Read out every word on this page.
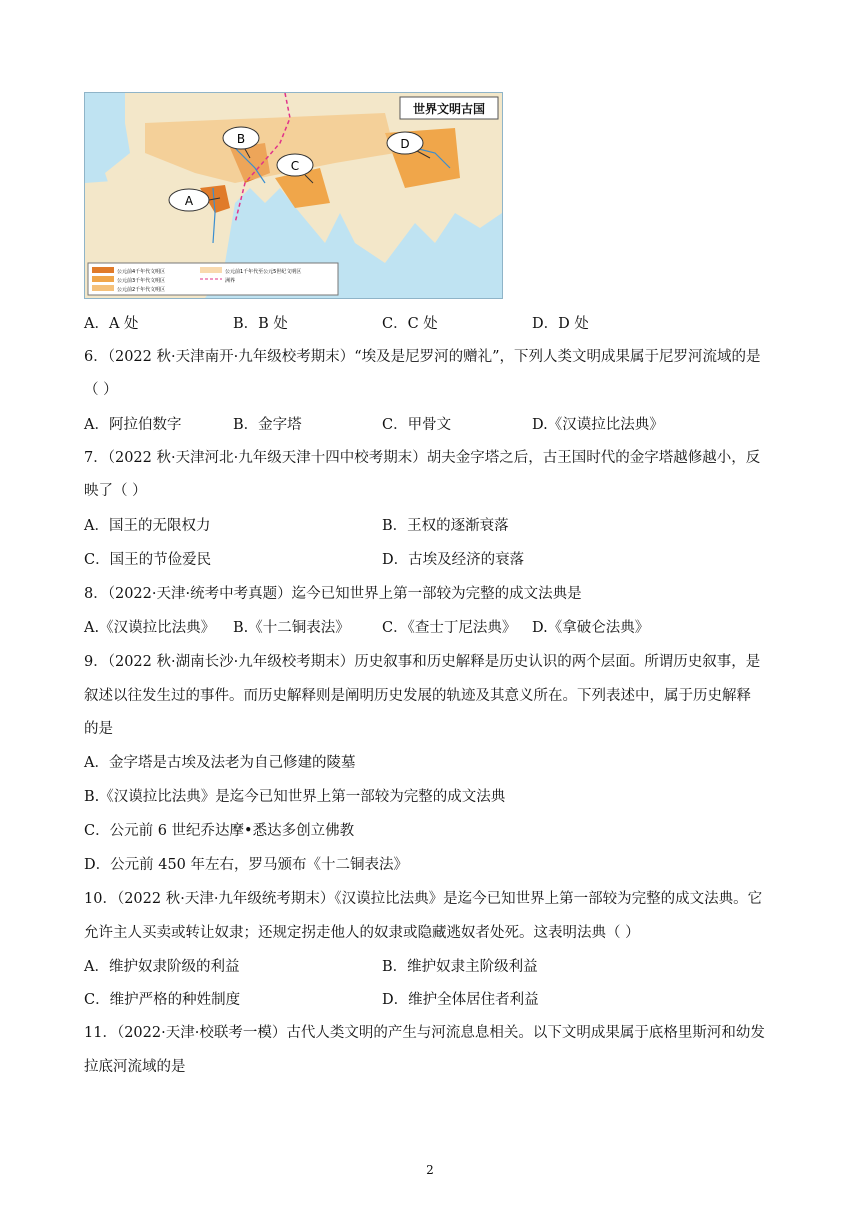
世界文明古国
A
B
C
D
公元前4千年代文明区
公元前3千年代文明区
公元前2千年代文明区
公元前1千年代至公元5世纪文明区
洲界
A．A 处	B．B 处	C．C 处	D．D 处
6．（2022 秋·天津南开·九年级校考期末）“埃及是尼罗河的赠礼”，下列人类文明成果属于尼罗河流域的是
（ ）
A．阿拉伯数字	B．金字塔	C．甲骨文	D.《汉谟拉比法典》
7．（2022 秋·天津河北·九年级天津十四中校考期末）胡夫金字塔之后，古王国时代的金字塔越修越小，反
映了（ ）
A．国王的无限权力	B．王权的逐渐衰落
C．国王的节俭爱民	D．古埃及经济的衰落
8．（2022·天津·统考中考真题）迄今已知世界上第一部较为完整的成文法典是
A.《汉谟拉比法典》 B.《十二铜表法》 C．《查士丁尼法典》 D.《拿破仑法典》
9．（2022 秋·湖南长沙·九年级校考期末）历史叙事和历史解释是历史认识的两个层面。所谓历史叙事，是
叙述以往发生过的事件。而历史解释则是阐明历史发展的轨迹及其意义所在。下列表述中，属于历史解释
的是
A．金字塔是古埃及法老为自己修建的陵墓
B.《汉谟拉比法典》是迄今已知世界上第一部较为完整的成文法典
C．公元前 6 世纪乔达摩•悉达多创立佛教
D．公元前 450 年左右，罗马颁布《十二铜表法》
10．（2022 秋·天津·九年级统考期末）《汉谟拉比法典》是迄今已知世界上第一部较为完整的成文法典。它
允许主人买卖或转让奴隶；还规定拐走他人的奴隶或隐藏逃奴者处死。这表明法典（ ）
A．维护奴隶阶级的利益	B．维护奴隶主阶级利益
C．维护严格的种姓制度	D．维护全体居住者利益
11．（2022·天津·校联考一模）古代人类文明的产生与河流息息相关。以下文明成果属于底格里斯河和幼发
拉底河流域的是
2
